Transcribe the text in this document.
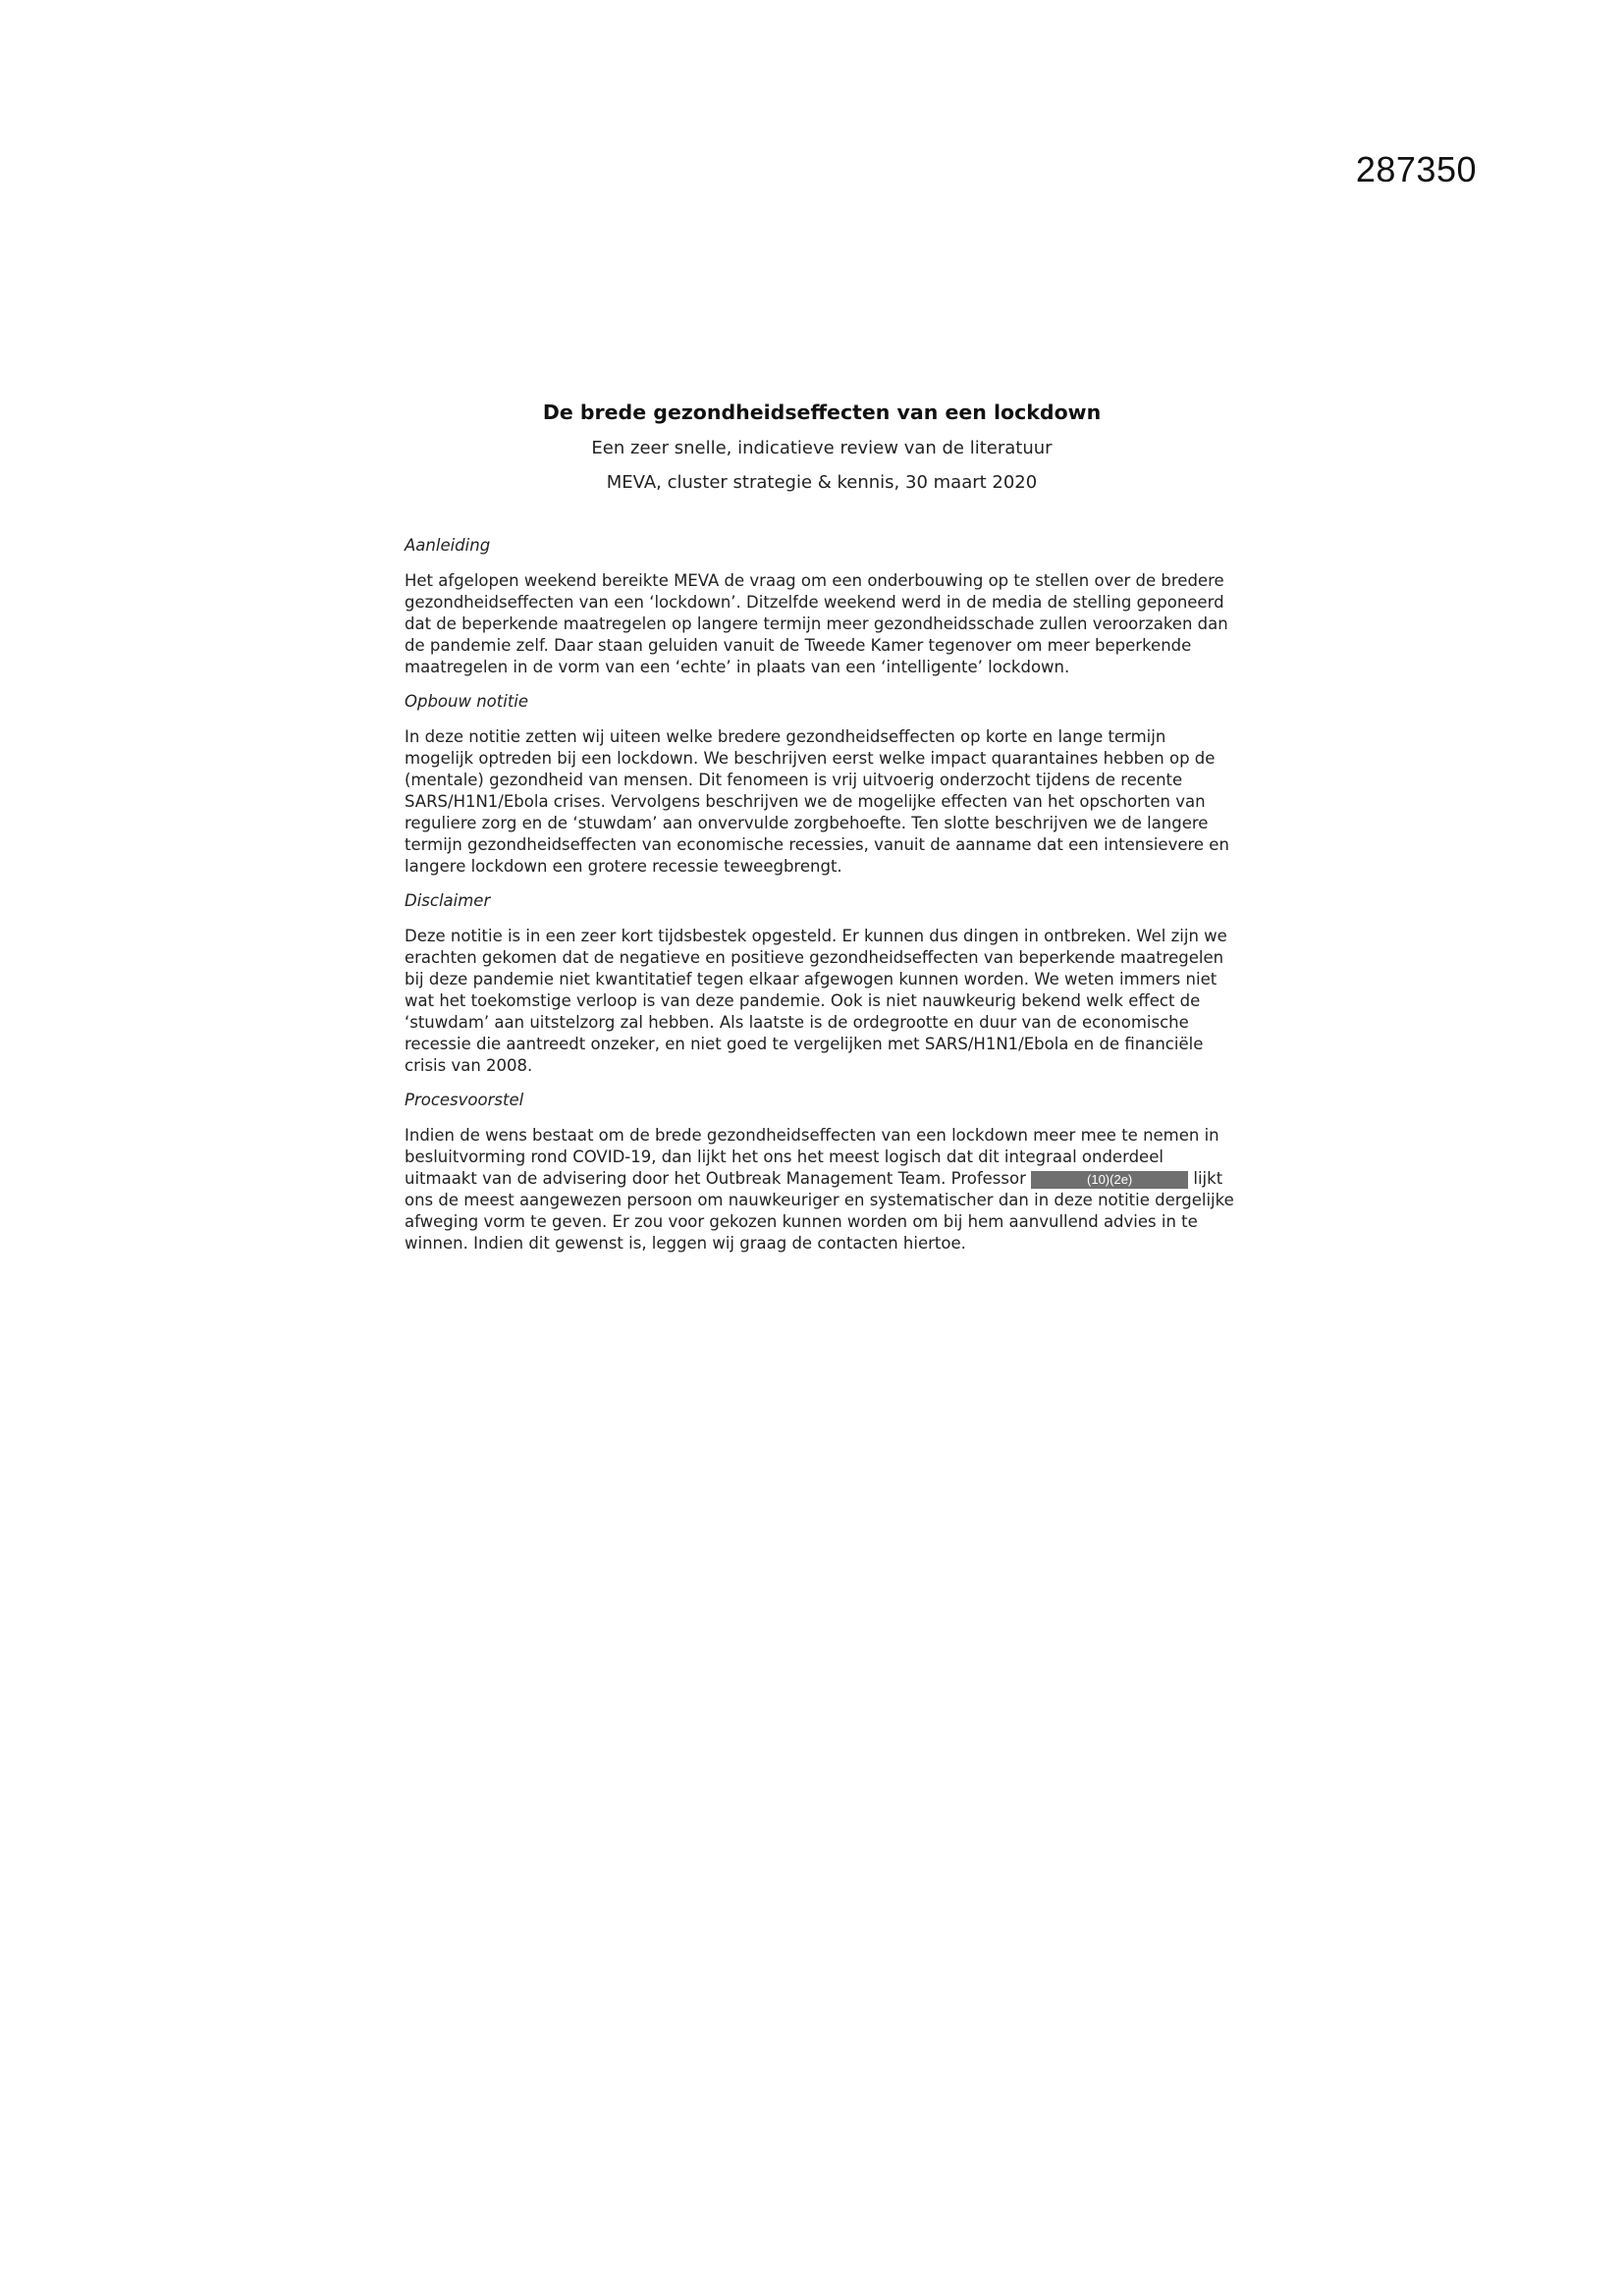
287350
De brede gezondheidseffecten van een lockdown
Een zeer snelle, indicatieve review van de literatuur
MEVA, cluster strategie & kennis, 30 maart 2020
Aanleiding
Het afgelopen weekend bereikte MEVA de vraag om een onderbouwing op te stellen over de bredere gezondheidseffecten van een ‘lockdown’. Ditzelfde weekend werd in de media de stelling geponeerd dat de beperkende maatregelen op langere termijn meer gezondheidsschade zullen veroorzaken dan de pandemie zelf. Daar staan geluiden vanuit de Tweede Kamer tegenover om meer beperkende maatregelen in de vorm van een ‘echte’ in plaats van een ‘intelligente’ lockdown.
Opbouw notitie
In deze notitie zetten wij uiteen welke bredere gezondheidseffecten op korte en lange termijn mogelijk optreden bij een lockdown. We beschrijven eerst welke impact quarantaines hebben op de (mentale) gezondheid van mensen. Dit fenomeen is vrij uitvoerig onderzocht tijdens de recente SARS/H1N1/Ebola crises. Vervolgens beschrijven we de mogelijke effecten van het opschorten van reguliere zorg en de ‘stuwdam’ aan onvervulde zorgbehoefte. Ten slotte beschrijven we de langere termijn gezondheidseffecten van economische recessies, vanuit de aanname dat een intensievere en langere lockdown een grotere recessie teweegbrengt.
Disclaimer
Deze notitie is in een zeer kort tijdsbestek opgesteld. Er kunnen dus dingen in ontbreken. Wel zijn we erachten gekomen dat de negatieve en positieve gezondheidseffecten van beperkende maatregelen bij deze pandemie niet kwantitatief tegen elkaar afgewogen kunnen worden. We weten immers niet wat het toekomstige verloop is van deze pandemie. Ook is niet nauwkeurig bekend welk effect de ‘stuwdam’ aan uitstelzorg zal hebben. Als laatste is de ordegrootte en duur van de economische recessie die aantreedt onzeker, en niet goed te vergelijken met SARS/H1N1/Ebola en de financiële crisis van 2008.
Procesvoorstel
Indien de wens bestaat om de brede gezondheidseffecten van een lockdown meer mee te nemen in besluitvorming rond COVID-19, dan lijkt het ons het meest logisch dat dit integraal onderdeel uitmaakt van de advisering door het Outbreak Management Team. Professor	(10)(2e)	lijkt ons de meest aangewezen persoon om nauwkeuriger en systematischer dan in deze notitie dergelijke afweging vorm te geven. Er zou voor gekozen kunnen worden om bij hem aanvullend advies in te winnen. Indien dit gewenst is, leggen wij graag de contacten hiertoe.
